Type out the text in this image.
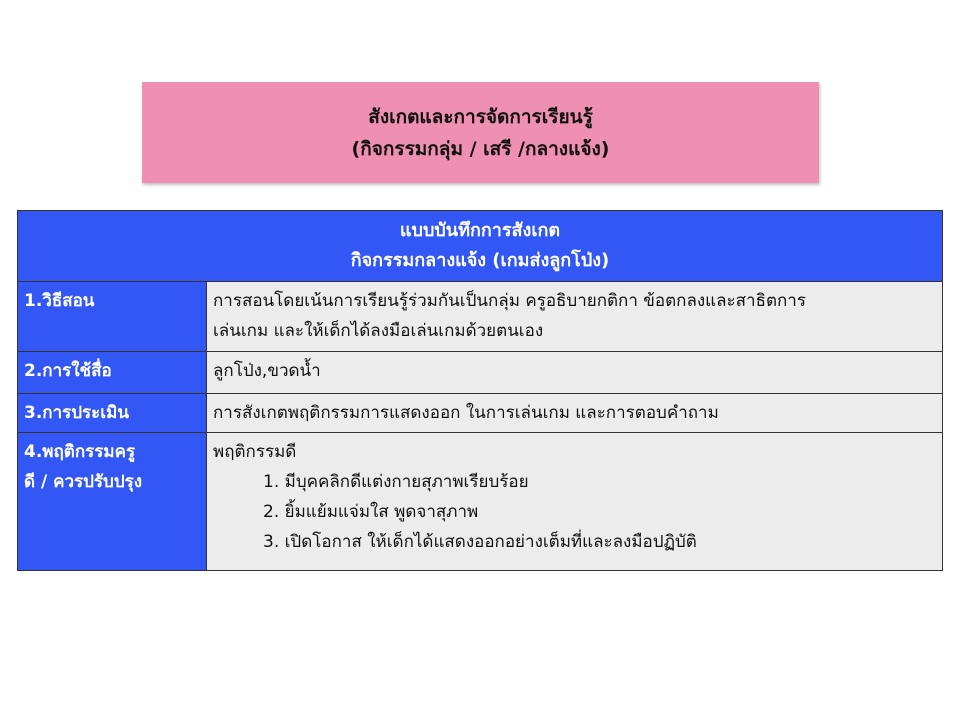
สังเกตและการจัดการเรียนรู้
(กิจกรรมกลุ่ม / เสรี /กลางแจ้ง)
แบบบันทึกการสังเกต
กิจกรรมกลางแจ้ง (เกมส่งลูกโป่ง)	

1.วิธีสอน	การสอนโดยเน้นการเรียนรู้ร่วมกันเป็นกลุ่ม ครูอธิบายกติกา ข้อตกลงและสาธิตการ
เล่นเกม และให้เด็กได้ลงมือเล่นเกมด้วยตนเอง

2.การใช้สื่อ	ลูกโป่ง,ขวดน้ำ

3.การประเมิน	การสังเกตพฤติกรรมการแสดงออก ในการเล่นเกม และการตอบคำถาม

4.พฤติกรรมครู
ดี / ควรปรับปรุง	พฤติกรรมดี
1. มีบุคคลิกดีแต่งกายสุภาพเรียบร้อย
2. ยิ้มแย้มแจ่มใส พูดจาสุภาพ
3. เปิดโอกาส ให้เด็กได้แสดงออกอย่างเต็มที่และลงมือปฏิบัติ
